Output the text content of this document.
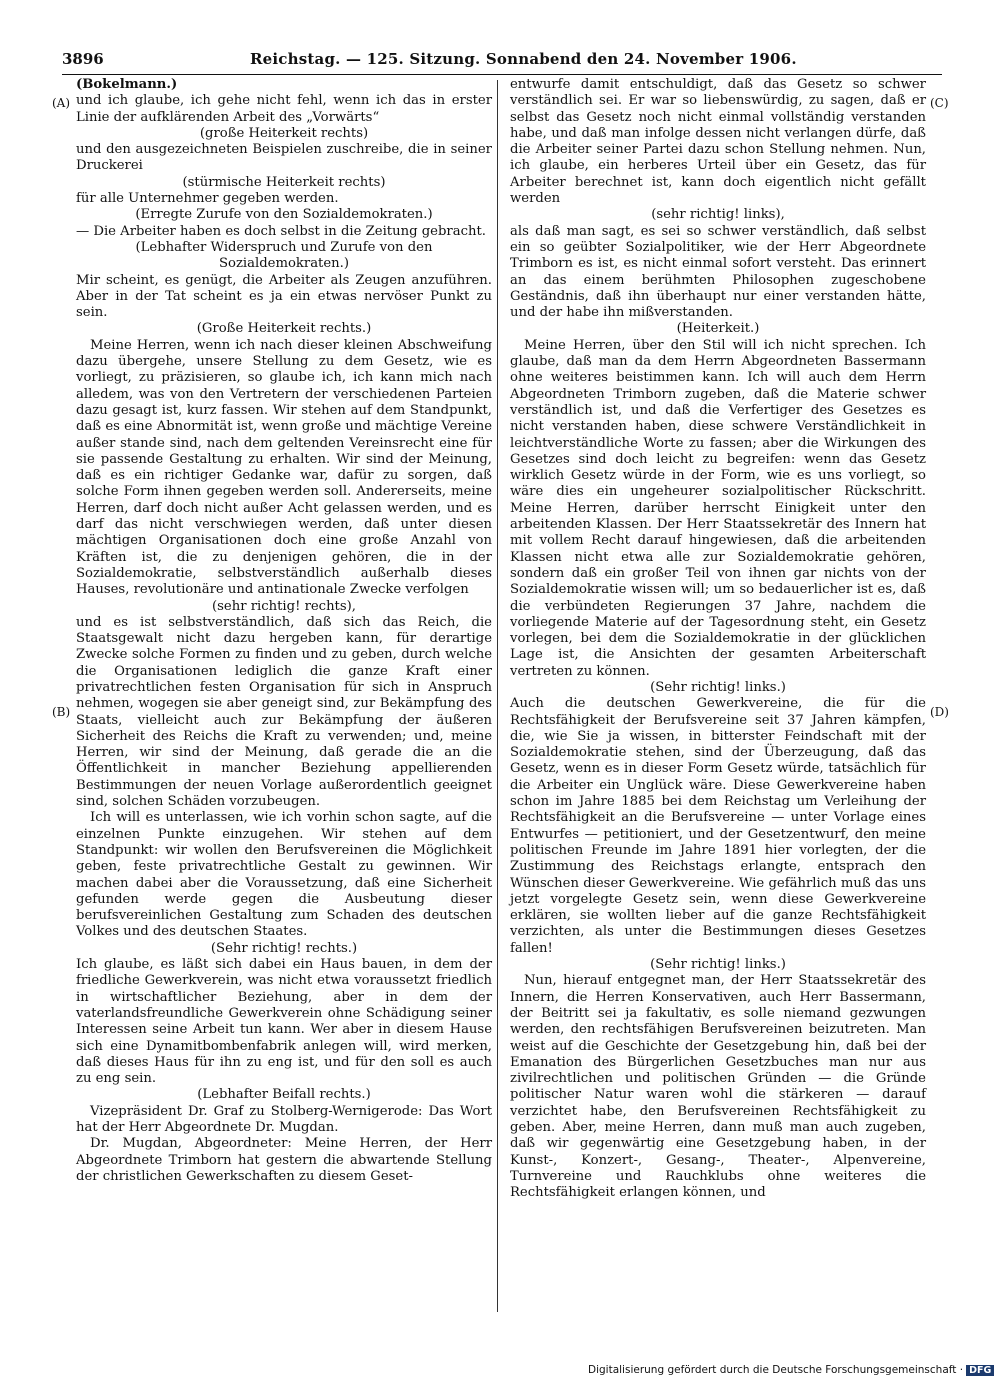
3896	Reichstag. — 125. Sitzung. Sonnabend den 24. November 1906.
(A)
(B)
(C)
(D)

(Bokelmann.)

und ich glaube, ich gehe nicht fehl, wenn ich das in erster Linie der aufklärenden Arbeit des „Vorwärts“

(große Heiterkeit rechts)

und den ausgezeichneten Beispielen zuschreibe, die in seiner Druckerei

(stürmische Heiterkeit rechts)

für alle Unternehmer gegeben werden.

(Erregte Zurufe von den Sozialdemokraten.)

— Die Arbeiter haben es doch selbst in die Zeitung gebracht.

(Lebhafter Widerspruch und Zurufe von den Sozialdemokraten.)

Mir scheint, es genügt, die Arbeiter als Zeugen anzuführen. Aber in der Tat scheint es ja ein etwas nervöser Punkt zu sein.

(Große Heiterkeit rechts.)

Meine Herren, wenn ich nach dieser kleinen Abschweifung dazu übergehe, unsere Stellung zu dem Gesetz, wie es vorliegt, zu präzisieren, so glaube ich, ich kann mich nach alledem, was von den Vertretern der verschiedenen Parteien dazu gesagt ist, kurz fassen. Wir stehen auf dem Standpunkt, daß es eine Abnormität ist, wenn große und mächtige Vereine außer stande sind, nach dem geltenden Vereinsrecht eine für sie passende Gestaltung zu erhalten. Wir sind der Meinung, daß es ein richtiger Gedanke war, dafür zu sorgen, daß solche Form ihnen gegeben werden soll. Andererseits, meine Herren, darf doch nicht außer Acht gelassen werden, und es darf das nicht verschwiegen werden, daß unter diesen mächtigen Organisationen doch eine große Anzahl von Kräften ist, die zu denjenigen gehören, die in der Sozialdemokratie, selbstverständlich außerhalb dieses Hauses, revolutionäre und antinationale Zwecke verfolgen

(sehr richtig! rechts),

und es ist selbstverständlich, daß sich das Reich, die Staatsgewalt nicht dazu hergeben kann, für derartige Zwecke solche Formen zu finden und zu geben, durch welche die Organisationen lediglich die ganze Kraft einer privatrechtlichen festen Organisation für sich in Anspruch nehmen, wogegen sie aber geneigt sind, zur Bekämpfung des Staats, vielleicht auch zur Bekämpfung der äußeren Sicherheit des Reichs die Kraft zu verwenden; und, meine Herren, wir sind der Meinung, daß gerade die an die Öffentlichkeit in mancher Beziehung appellierenden Bestimmungen der neuen Vorlage außerordentlich geeignet sind, solchen Schäden vorzubeugen.

Ich will es unterlassen, wie ich vorhin schon sagte, auf die einzelnen Punkte einzugehen. Wir stehen auf dem Standpunkt: wir wollen den Berufsvereinen die Möglichkeit geben, feste privatrechtliche Gestalt zu gewinnen. Wir machen dabei aber die Voraussetzung, daß eine Sicherheit gefunden werde gegen die Ausbeutung dieser berufsvereinlichen Gestaltung zum Schaden des deutschen Volkes und des deutschen Staates.

(Sehr richtig! rechts.)

Ich glaube, es läßt sich dabei ein Haus bauen, in dem der friedliche Gewerkverein, was nicht etwa voraussetzt friedlich in wirtschaftlicher Beziehung, aber in dem der vaterlandsfreundliche Gewerkverein ohne Schädigung seiner Interessen seine Arbeit tun kann. Wer aber in diesem Hause sich eine Dynamitbombenfabrik anlegen will, wird merken, daß dieses Haus für ihn zu eng ist, und für den soll es auch zu eng sein.

(Lebhafter Beifall rechts.)

Vizepräsident Dr. Graf zu Stolberg-Wernigerode: Das Wort hat der Herr Abgeordnete Dr. Mugdan.

Dr. Mugdan, Abgeordneter: Meine Herren, der Herr Abgeordnete Trimborn hat gestern die abwartende Stellung der christlichen Gewerkschaften zu diesem Geset-

entwurfe damit entschuldigt, daß das Gesetz so schwer verständlich sei. Er war so liebenswürdig, zu sagen, daß er selbst das Gesetz noch nicht einmal vollständig verstanden habe, und daß man infolge dessen nicht verlangen dürfe, daß die Arbeiter seiner Partei dazu schon Stellung nehmen. Nun, ich glaube, ein herberes Urteil über ein Gesetz, das für Arbeiter berechnet ist, kann doch eigentlich nicht gefällt werden

(sehr richtig! links),

als daß man sagt, es sei so schwer verständlich, daß selbst ein so geübter Sozialpolitiker, wie der Herr Abgeordnete Trimborn es ist, es nicht einmal sofort versteht. Das erinnert an das einem berühmten Philosophen zugeschobene Geständnis, daß ihn überhaupt nur einer verstanden hätte, und der habe ihn mißverstanden.

(Heiterkeit.)

Meine Herren, über den Stil will ich nicht sprechen. Ich glaube, daß man da dem Herrn Abgeordneten Bassermann ohne weiteres beistimmen kann. Ich will auch dem Herrn Abgeordneten Trimborn zugeben, daß die Materie schwer verständlich ist, und daß die Verfertiger des Gesetzes es nicht verstanden haben, diese schwere Verständlichkeit in leichtverständliche Worte zu fassen; aber die Wirkungen des Gesetzes sind doch leicht zu begreifen: wenn das Gesetz wirklich Gesetz würde in der Form, wie es uns vorliegt, so wäre dies ein ungeheurer sozialpolitischer Rückschritt. Meine Herren, darüber herrscht Einigkeit unter den arbeitenden Klassen. Der Herr Staatssekretär des Innern hat mit vollem Recht darauf hingewiesen, daß die arbeitenden Klassen nicht etwa alle zur Sozialdemokratie gehören, sondern daß ein großer Teil von ihnen gar nichts von der Sozialdemokratie wissen will; um so bedauerlicher ist es, daß die verbündeten Regierungen 37 Jahre, nachdem die vorliegende Materie auf der Tagesordnung steht, ein Gesetz vorlegen, bei dem die Sozialdemokratie in der glücklichen Lage ist, die Ansichten der gesamten Arbeiterschaft vertreten zu können.

(Sehr richtig! links.)

Auch die deutschen Gewerkvereine, die für die Rechtsfähigkeit der Berufsvereine seit 37 Jahren kämpfen, die, wie Sie ja wissen, in bitterster Feindschaft mit der Sozialdemokratie stehen, sind der Überzeugung, daß das Gesetz, wenn es in dieser Form Gesetz würde, tatsächlich für die Arbeiter ein Unglück wäre. Diese Gewerkvereine haben schon im Jahre 1885 bei dem Reichstag um Verleihung der Rechtsfähigkeit an die Berufsvereine — unter Vorlage eines Entwurfes — petitioniert, und der Gesetzentwurf, den meine politischen Freunde im Jahre 1891 hier vorlegten, der die Zustimmung des Reichstags erlangte, entsprach den Wünschen dieser Gewerkvereine. Wie gefährlich muß das uns jetzt vorgelegte Gesetz sein, wenn diese Gewerkvereine erklären, sie wollten lieber auf die ganze Rechtsfähigkeit verzichten, als unter die Bestimmungen dieses Gesetzes fallen!

(Sehr richtig! links.)

Nun, hierauf entgegnet man, der Herr Staatssekretär des Innern, die Herren Konservativen, auch Herr Bassermann, der Beitritt sei ja fakultativ, es solle niemand gezwungen werden, den rechtsfähigen Berufsvereinen beizutreten. Man weist auf die Geschichte der Gesetzgebung hin, daß bei der Emanation des Bürgerlichen Gesetzbuches man nur aus zivilrechtlichen und politischen Gründen — die Gründe politischer Natur waren wohl die stärkeren — darauf verzichtet habe, den Berufsvereinen Rechtsfähigkeit zu geben. Aber, meine Herren, dann muß man auch zugeben, daß wir gegenwärtig eine Gesetzgebung haben, in der Kunst-, Konzert-, Gesang-, Theater-, Alpenvereine, Turnvereine und Rauchklubs ohne weiteres die Rechtsfähigkeit erlangen können, und

Digitalisierung gefördert durch die Deutsche Forschungsgemeinschaft · DFG
